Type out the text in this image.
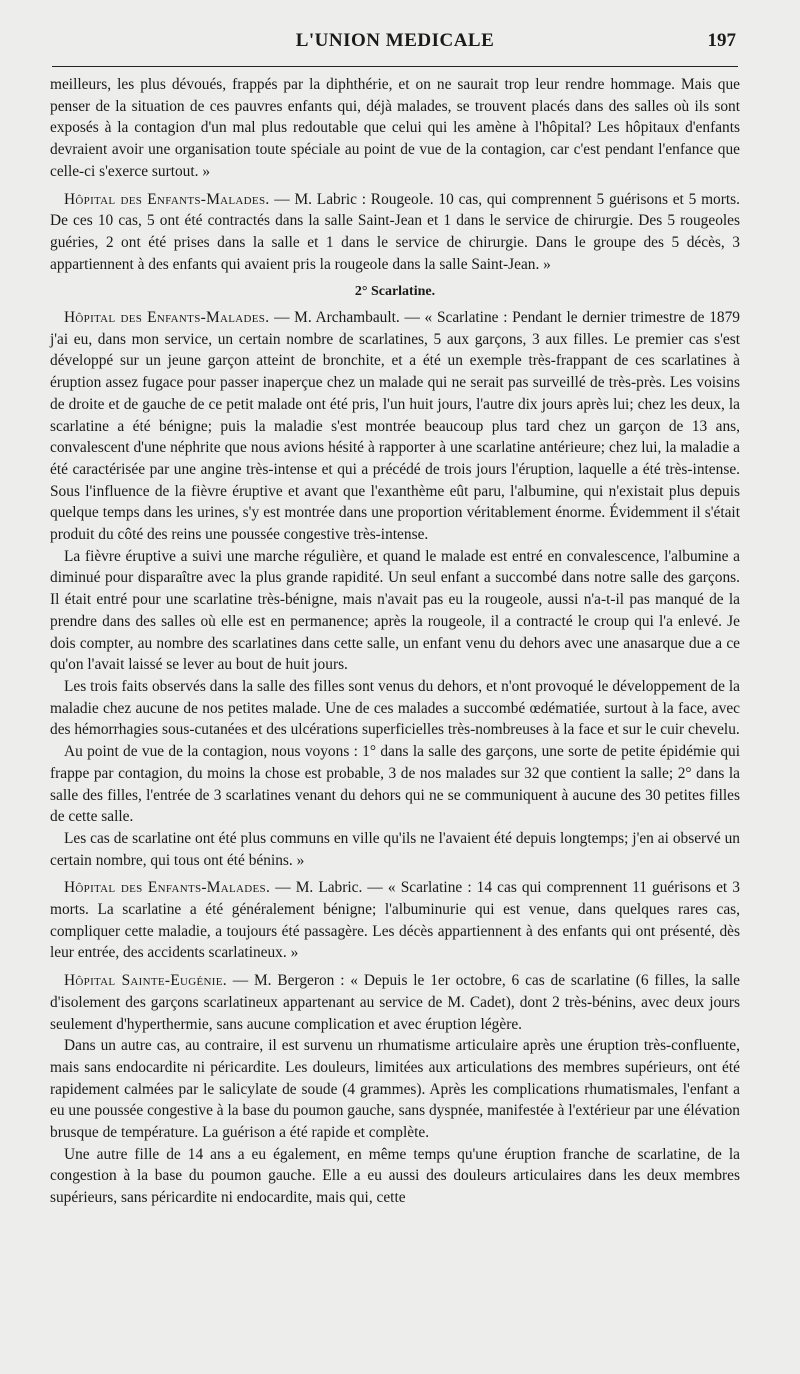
L'UNION MEDICALE	197

meilleurs, les plus dévoués, frappés par la diphthérie, et on ne saurait trop leur rendre hommage. Mais que penser de la situation de ces pauvres enfants qui, déjà malades, se trouvent placés dans des salles où ils sont exposés à la contagion d'un mal plus redoutable que celui qui les amène à l'hôpital? Les hôpitaux d'enfants devraient avoir une organisation toute spéciale au point de vue de la contagion, car c'est pendant l'enfance que celle-ci s'exerce surtout. »

Hôpital des Enfants-Malades. — M. Labric : Rougeole. 10 cas, qui comprennent 5 guérisons et 5 morts. De ces 10 cas, 5 ont été contractés dans la salle Saint-Jean et 1 dans le service de chirurgie. Des 5 rougeoles guéries, 2 ont été prises dans la salle et 1 dans le service de chirurgie. Dans le groupe des 5 décès, 3 appartiennent à des enfants qui avaient pris la rougeole dans la salle Saint-Jean. »

2° Scarlatine.

Hôpital des Enfants-Malades. — M. Archambault. — « Scarlatine : Pendant le dernier trimestre de 1879 j'ai eu, dans mon service, un certain nombre de scarlatines, 5 aux garçons, 3 aux filles. Le premier cas s'est développé sur un jeune garçon atteint de bronchite, et a été un exemple très-frappant de ces scarlatines à éruption assez fugace pour passer inaperçue chez un malade qui ne serait pas surveillé de très-près. Les voisins de droite et de gauche de ce petit malade ont été pris, l'un huit jours, l'autre dix jours après lui; chez les deux, la scarlatine a été bénigne; puis la maladie s'est montrée beaucoup plus tard chez un garçon de 13 ans, convalescent d'une néphrite que nous avions hésité à rapporter à une scarlatine antérieure; chez lui, la maladie a été caractérisée par une angine très-intense et qui a précédé de trois jours l'éruption, laquelle a été très-intense. Sous l'influence de la fièvre éruptive et avant que l'exanthème eût paru, l'albumine, qui n'existait plus depuis quelque temps dans les urines, s'y est montrée dans une proportion véritablement énorme. Évidemment il s'était produit du côté des reins une poussée congestive très-intense.

La fièvre éruptive a suivi une marche régulière, et quand le malade est entré en convalescence, l'albumine a diminué pour disparaître avec la plus grande rapidité. Un seul enfant a succombé dans notre salle des garçons. Il était entré pour une scarlatine très-bénigne, mais n'avait pas eu la rougeole, aussi n'a-t-il pas manqué de la prendre dans des salles où elle est en permanence; après la rougeole, il a contracté le croup qui l'a enlevé. Je dois compter, au nombre des scarlatines dans cette salle, un enfant venu du dehors avec une anasarque due a ce qu'on l'avait laissé se lever au bout de huit jours.

Les trois faits observés dans la salle des filles sont venus du dehors, et n'ont provoqué le développement de la maladie chez aucune de nos petites malade. Une de ces malades a succombé œdématiée, surtout à la face, avec des hémorrhagies sous-cutanées et des ulcérations superficielles très-nombreuses à la face et sur le cuir chevelu.

Au point de vue de la contagion, nous voyons : 1° dans la salle des garçons, une sorte de petite épidémie qui frappe par contagion, du moins la chose est probable, 3 de nos malades sur 32 que contient la salle; 2° dans la salle des filles, l'entrée de 3 scarlatines venant du dehors qui ne se communiquent à aucune des 30 petites filles de cette salle.

Les cas de scarlatine ont été plus communs en ville qu'ils ne l'avaient été depuis longtemps; j'en ai observé un certain nombre, qui tous ont été bénins. »

Hôpital des Enfants-Malades. — M. Labric. — « Scarlatine : 14 cas qui comprennent 11 guérisons et 3 morts. La scarlatine a été généralement bénigne; l'albuminurie qui est venue, dans quelques rares cas, compliquer cette maladie, a toujours été passagère. Les décès appartiennent à des enfants qui ont présenté, dès leur entrée, des accidents scarlatineux. »

Hôpital Sainte-Eugénie. — M. Bergeron : « Depuis le 1er octobre, 6 cas de scarlatine (6 filles, la salle d'isolement des garçons scarlatineux appartenant au service de M. Cadet), dont 2 très-bénins, avec deux jours seulement d'hyperthermie, sans aucune complication et avec éruption légère.

Dans un autre cas, au contraire, il est survenu un rhumatisme articulaire après une éruption très-confluente, mais sans endocardite ni péricardite. Les douleurs, limitées aux articulations des membres supérieurs, ont été rapidement calmées par le salicylate de soude (4 grammes). Après les complications rhumatismales, l'enfant a eu une poussée congestive à la base du poumon gauche, sans dyspnée, manifestée à l'extérieur par une élévation brusque de température. La guérison a été rapide et complète.

Une autre fille de 14 ans a eu également, en même temps qu'une éruption franche de scarlatine, de la congestion à la base du poumon gauche. Elle a eu aussi des douleurs articulaires dans les deux membres supérieurs, sans péricardite ni endocardite, mais qui, cette
